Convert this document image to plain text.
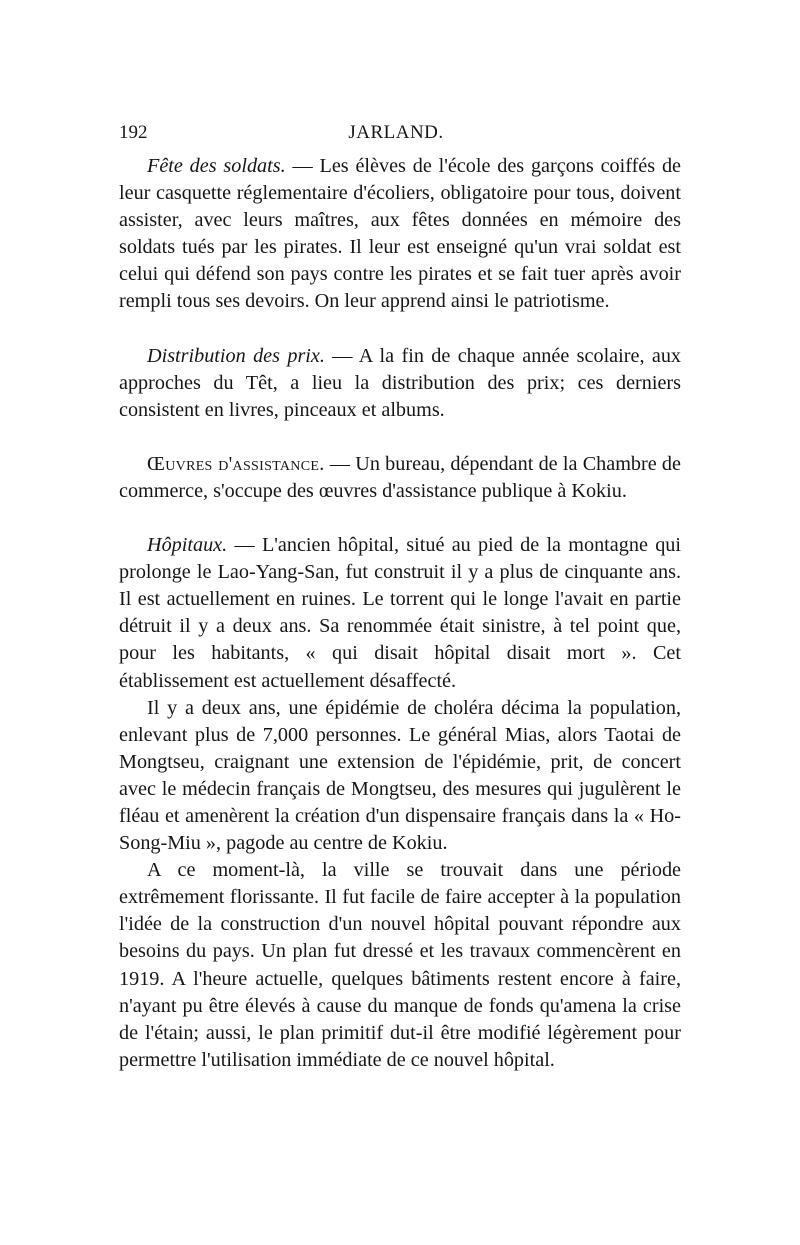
192	JARLAND.

Fête des soldats. — Les élèves de l'école des garçons coiffés de leur casquette réglementaire d'écoliers, obligatoire pour tous, doivent assister, avec leurs maîtres, aux fêtes données en mémoire des soldats tués par les pirates. Il leur est enseigné qu'un vrai soldat est celui qui défend son pays contre les pirates et se fait tuer après avoir rempli tous ses devoirs. On leur apprend ainsi le patriotisme.

Distribution des prix. — A la fin de chaque année scolaire, aux approches du Têt, a lieu la distribution des prix; ces derniers consistent en livres, pinceaux et albums.

Œuvres d'assistance. — Un bureau, dépendant de la Chambre de commerce, s'occupe des œuvres d'assistance publique à Kokiu.

Hôpitaux. — L'ancien hôpital, situé au pied de la montagne qui prolonge le Lao-Yang-San, fut construit il y a plus de cinquante ans. Il est actuellement en ruines. Le torrent qui le longe l'avait en partie détruit il y a deux ans. Sa renommée était sinistre, à tel point que, pour les habitants, « qui disait hôpital disait mort ». Cet établissement est actuellement désaffecté.

Il y a deux ans, une épidémie de choléra décima la population, enlevant plus de 7,000 personnes. Le général Mias, alors Taotai de Mongtseu, craignant une extension de l'épidémie, prit, de concert avec le médecin français de Mongtseu, des mesures qui jugulèrent le fléau et amenèrent la création d'un dispensaire français dans la « Ho-Song-Miu », pagode au centre de Kokiu.

A ce moment-là, la ville se trouvait dans une période extrêmement florissante. Il fut facile de faire accepter à la population l'idée de la construction d'un nouvel hôpital pouvant répondre aux besoins du pays. Un plan fut dressé et les travaux commencèrent en 1919. A l'heure actuelle, quelques bâtiments restent encore à faire, n'ayant pu être élevés à cause du manque de fonds qu'amena la crise de l'étain; aussi, le plan primitif dut-il être modifié légèrement pour permettre l'utilisation immédiate de ce nouvel hôpital.
